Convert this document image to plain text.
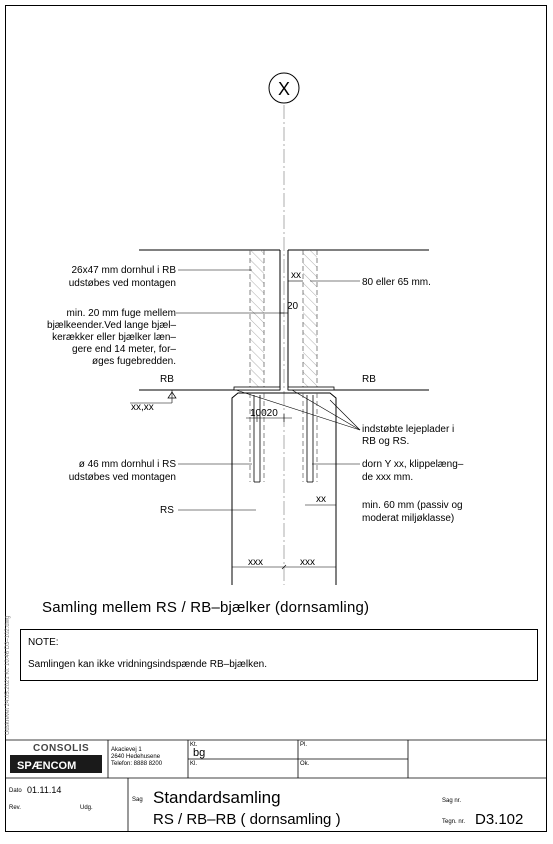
X
26x47 mm dornhul i RB
udstøbes ved montagen
xx
80 eller 65 mm.
20
min. 20 mm fuge mellem
bjælkeender.Ved lange bjæl–
kerækker eller bjælker læn–
gere end 14 meter, for–
øges fugebredden.
RB	RB
xx,xx
10020
indstøbte lejeplader i
RB og RS.
ø 46 mm dornhul i RS
udstøbes ved montagen
dorn Y xx, klippelæng–
de xxx mm.
xx
RS	min. 60 mm (passiv og
moderat miljøklasse)
xxx	xxx
Udskrevet 24.05.2021 Kl. 10:46 D3–102.dwg
CONSOLIS
SPÆNCOM
Akacievej 1
2640 Hedehusene
Telefon: 8888 8200
Kt.
bg
Kl.
Pl.
Ok.
Dato 01.11.14
Rev.	Udg.
Sag Standardsamling
RS / RB–RB ( dornsamling )
Sag nr.
Tegn. nr. D3.102
Samling mellem RS / RB–bjælker (dornsamling)
NOTE:
Samlingen kan ikke vridningsindspænde RB–bjælken.
